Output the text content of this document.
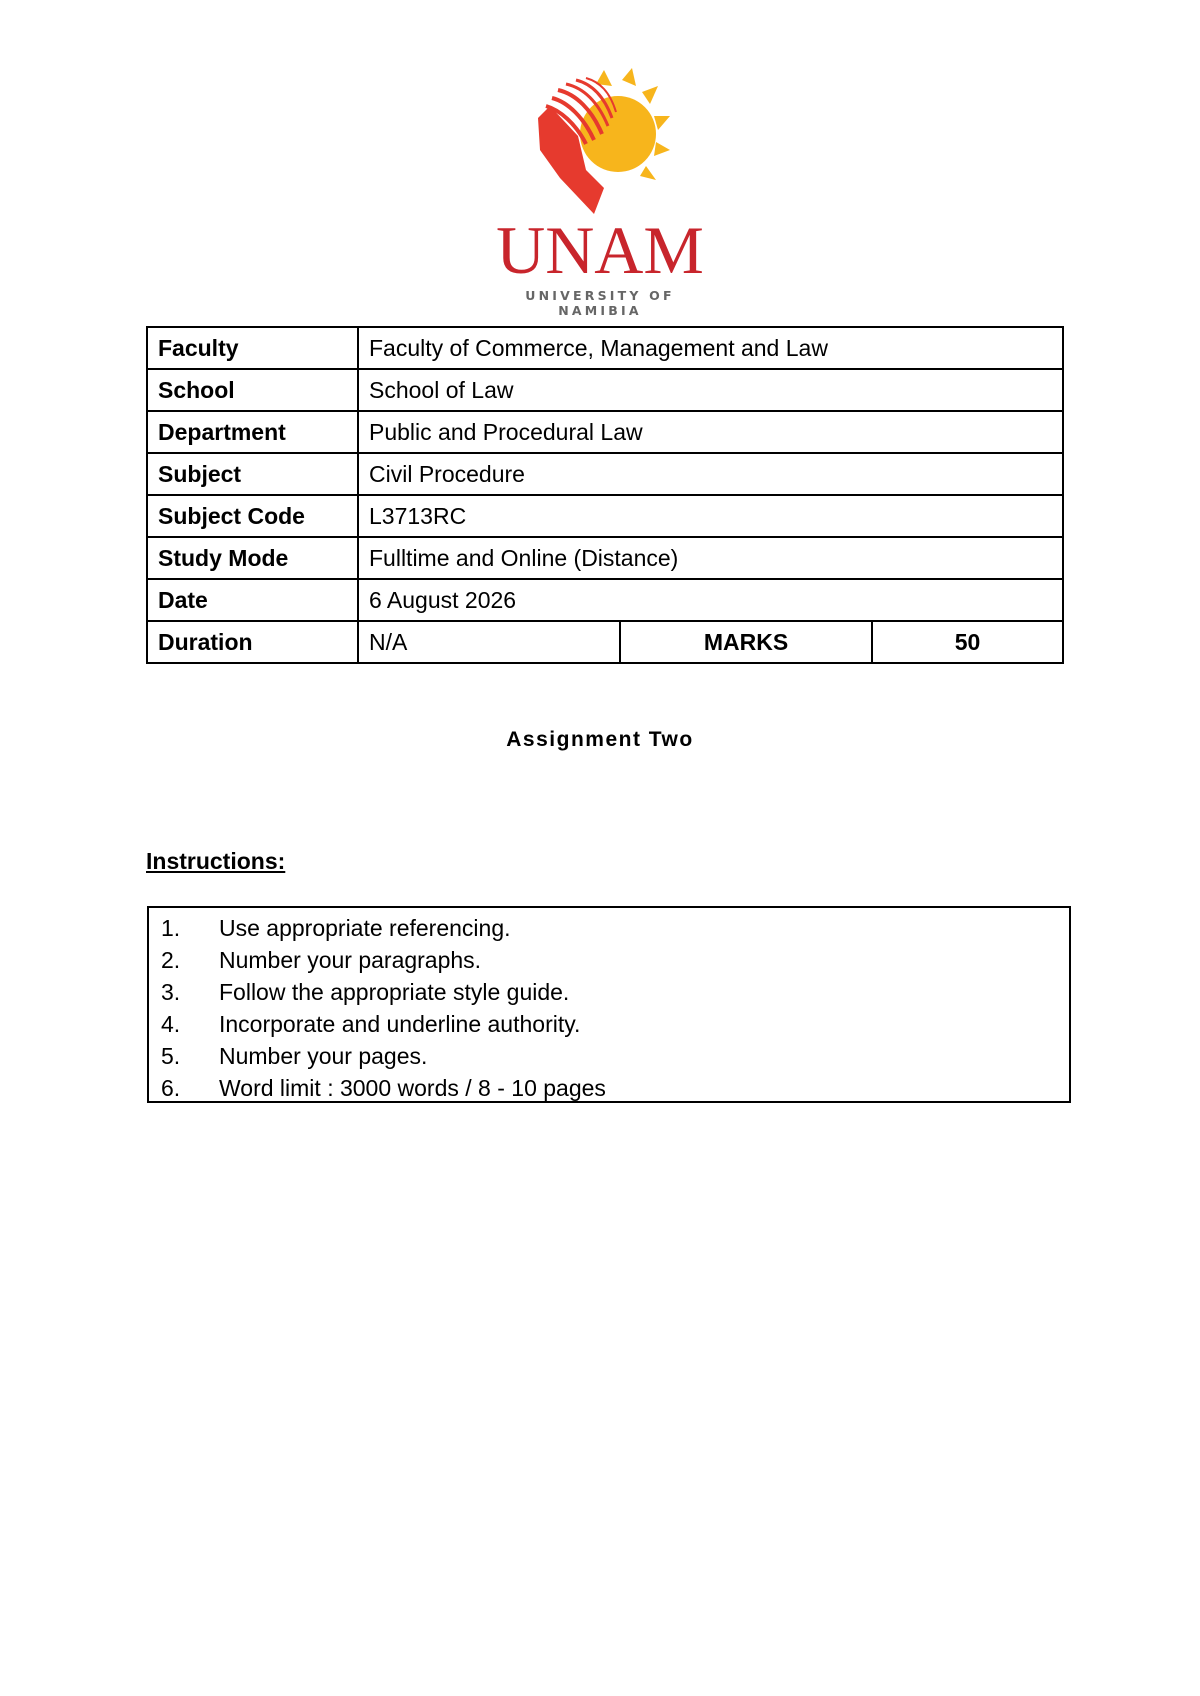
UNAM
UNIVERSITY OF NAMIBIA
Faculty	Faculty of Commerce, Management and Law		
School	School of Law		
Department	Public and Procedural Law		
Subject	Civil Procedure		
Subject Code	L3713RC		
Study Mode	Fulltime and Online (Distance)		
Date	6 August 2026		
Duration	N/A	MARKS	50
Assignment Two
Instructions:
1.	Use appropriate referencing.
2.	Number your paragraphs.
3.	Follow the appropriate style guide.
4.	Incorporate and underline authority.
5.	Number your pages.
6.	Word limit : 3000 words / 8 - 10 pages
